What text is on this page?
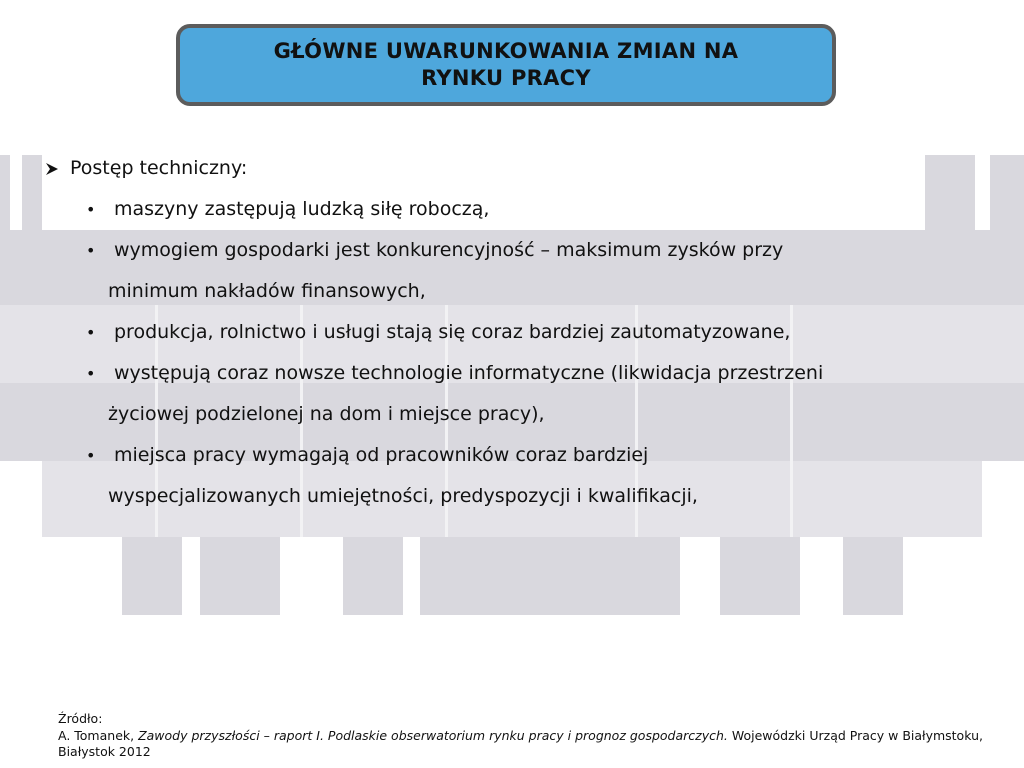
GŁÓWNE UWARUNKOWANIA ZMIAN NA
RYNKU PRACY
Postęp techniczny:
• maszyny zastępują ludzką siłę roboczą,
• wymogiem gospodarki jest konkurencyjność – maksimum zysków przy
minimum nakładów finansowych,
• produkcja, rolnictwo i usługi stają się coraz bardziej zautomatyzowane,
• występują coraz nowsze technologie informatyczne (likwidacja przestrzeni
życiowej podzielonej na dom i miejsce pracy),
• miejsca pracy wymagają od pracowników coraz bardziej
wyspecjalizowanych umiejętności, predyspozycji i kwalifikacji,
Źródło:
A. Tomanek, Zawody przyszłości – raport I. Podlaskie obserwatorium rynku pracy i prognoz gospodarczych. Wojewódzki Urząd Pracy w Białymstoku, Białystok 2012
